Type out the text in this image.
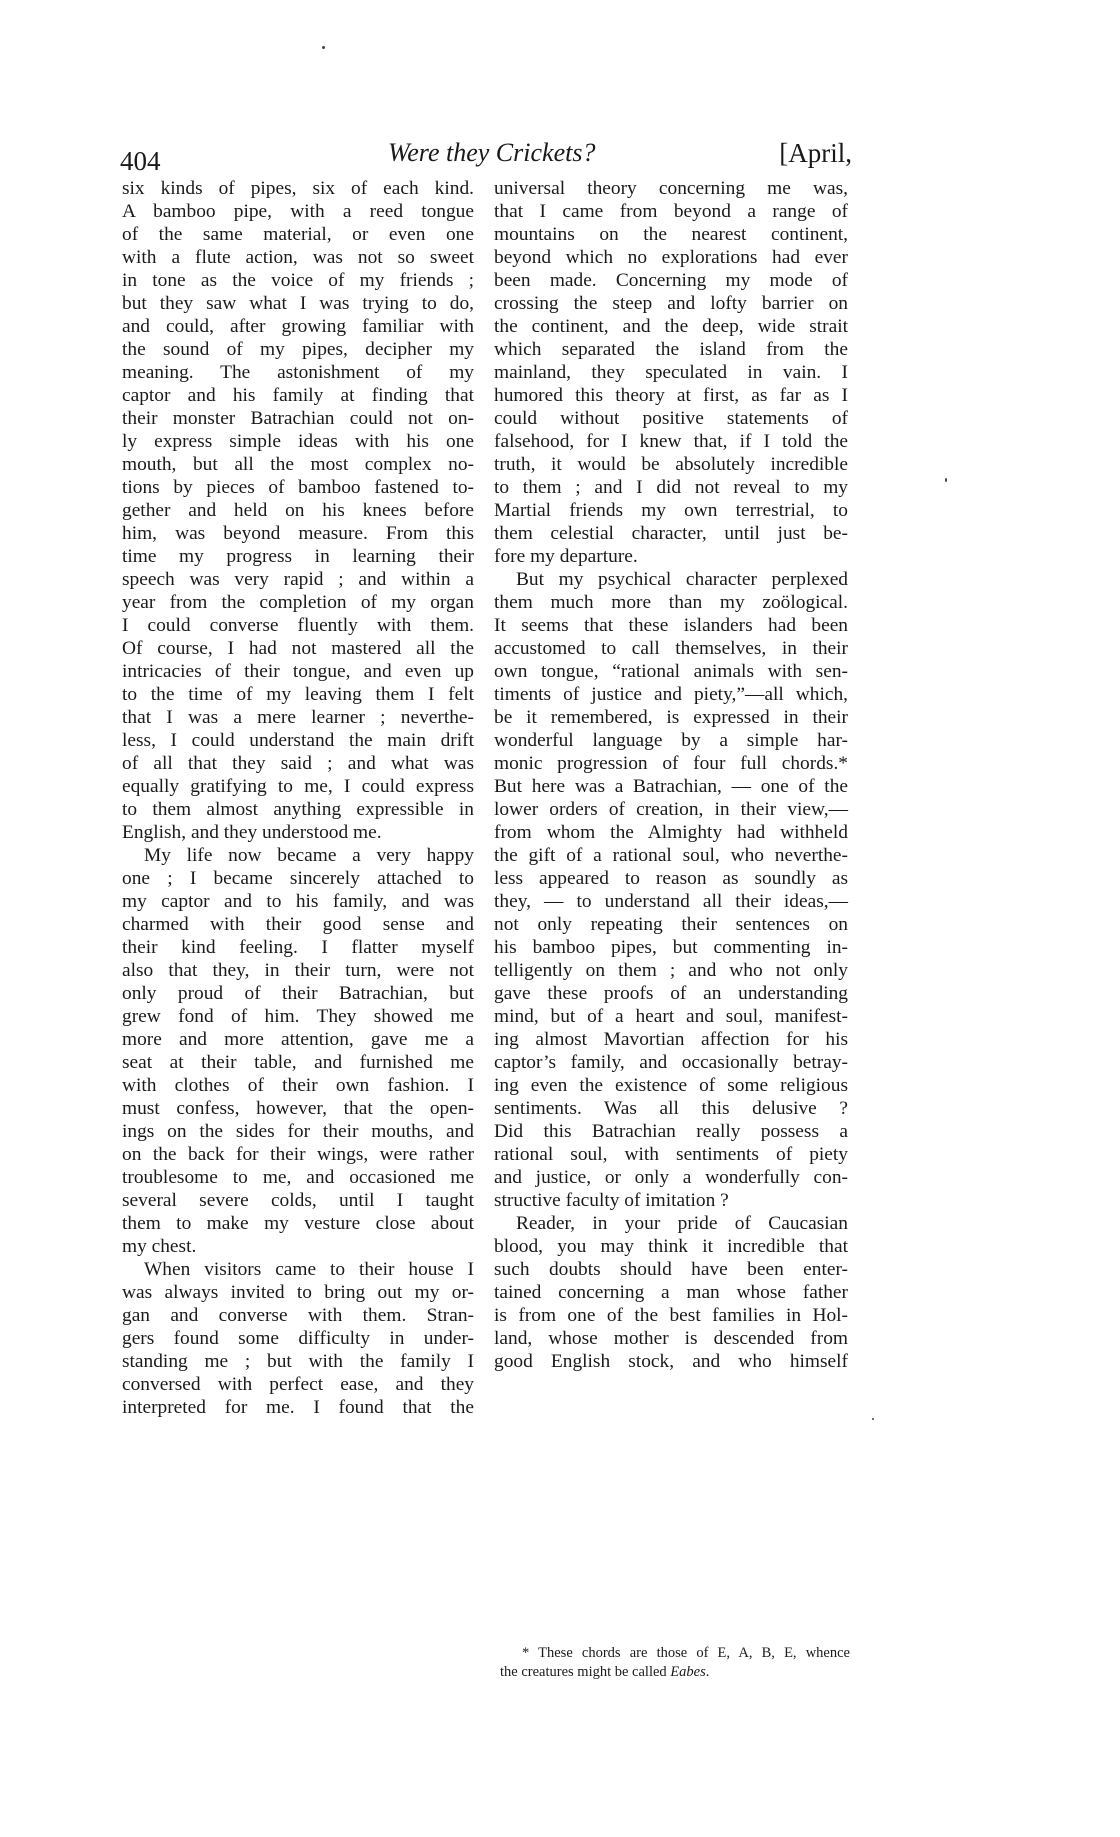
404	Were they Crickets?	[April,
six kinds of pipes, six of each kind.
A bamboo pipe, with a reed tongue
of the same material, or even one
with a flute action, was not so sweet
in tone as the voice of my friends ;
but they saw what I was trying to do,
and could, after growing familiar with
the sound of my pipes, decipher my
meaning. The astonishment of my
captor and his family at finding that
their monster Batrachian could not on-
ly express simple ideas with his one
mouth, but all the most complex no-
tions by pieces of bamboo fastened to-
gether and held on his knees before
him, was beyond measure. From this
time my progress in learning their
speech was very rapid ; and within a
year from the completion of my organ
I could converse fluently with them.
Of course, I had not mastered all the
intricacies of their tongue, and even up
to the time of my leaving them I felt
that I was a mere learner ; neverthe-
less, I could understand the main drift
of all that they said ; and what was
equally gratifying to me, I could express
to them almost anything expressible in
English, and they understood me.
My life now became a very happy
one ; I became sincerely attached to
my captor and to his family, and was
charmed with their good sense and
their kind feeling. I flatter myself
also that they, in their turn, were not
only proud of their Batrachian, but
grew fond of him. They showed me
more and more attention, gave me a
seat at their table, and furnished me
with clothes of their own fashion. I
must confess, however, that the open-
ings on the sides for their mouths, and
on the back for their wings, were rather
troublesome to me, and occasioned me
several severe colds, until I taught
them to make my vesture close about
my chest.
When visitors came to their house I
was always invited to bring out my or-
gan and converse with them. Stran-
gers found some difficulty in under-
standing me ; but with the family I
conversed with perfect ease, and they
interpreted for me. I found that the
universal theory concerning me was,
that I came from beyond a range of
mountains on the nearest continent,
beyond which no explorations had ever
been made. Concerning my mode of
crossing the steep and lofty barrier on
the continent, and the deep, wide strait
which separated the island from the
mainland, they speculated in vain. I
humored this theory at first, as far as I
could without positive statements of
falsehood, for I knew that, if I told the
truth, it would be absolutely incredible
to them ; and I did not reveal to my
Martial friends my own terrestrial, to
them celestial character, until just be-
fore my departure.
But my psychical character perplexed
them much more than my zoölogical.
It seems that these islanders had been
accustomed to call themselves, in their
own tongue, “rational animals with sen-
timents of justice and piety,”—all which,
be it remembered, is expressed in their
wonderful language by a simple har-
monic progression of four full chords.*
But here was a Batrachian, — one of the
lower orders of creation, in their view,—
from whom the Almighty had withheld
the gift of a rational soul, who neverthe-
less appeared to reason as soundly as
they, — to understand all their ideas,—
not only repeating their sentences on
his bamboo pipes, but commenting in-
telligently on them ; and who not only
gave these proofs of an understanding
mind, but of a heart and soul, manifest-
ing almost Mavortian affection for his
captor’s family, and occasionally betray-
ing even the existence of some religious
sentiments. Was all this delusive ?
Did this Batrachian really possess a
rational soul, with sentiments of piety
and justice, or only a wonderfully con-
structive faculty of imitation ?
Reader, in your pride of Caucasian
blood, you may think it incredible that
such doubts should have been enter-
tained concerning a man whose father
is from one of the best families in Hol-
land, whose mother is descended from
good English stock, and who himself
* These chords are those of E, A, B, E, whence
the creatures might be called Eabes.
